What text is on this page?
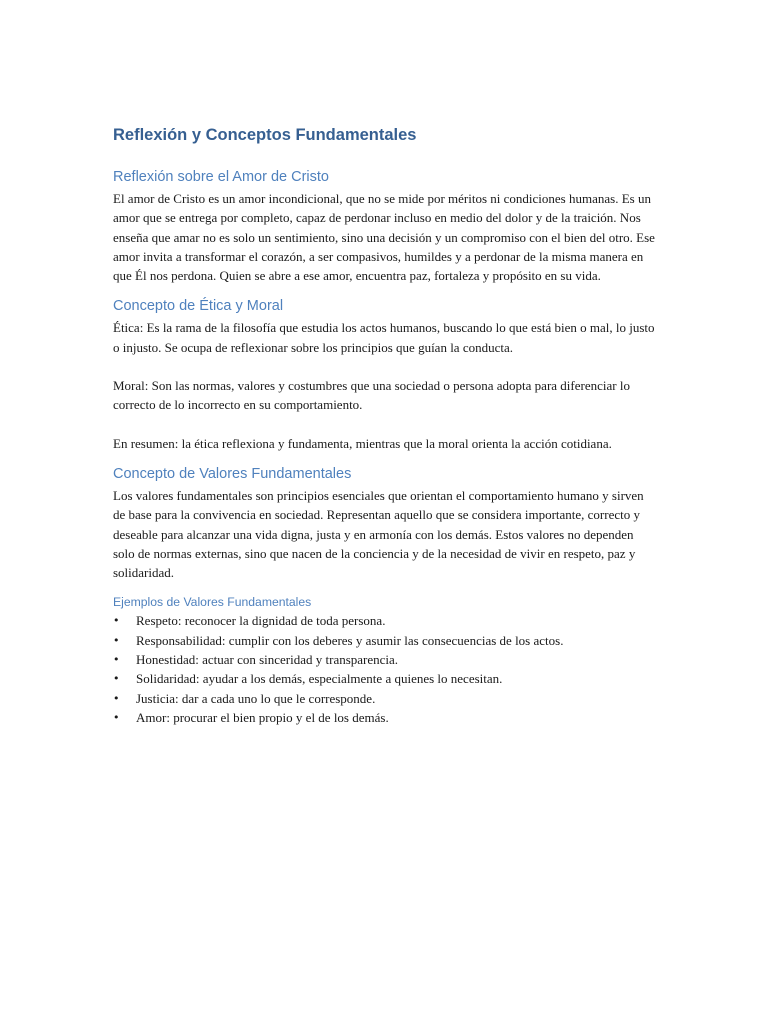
Reflexión y Conceptos Fundamentales
Reflexión sobre el Amor de Cristo

El amor de Cristo es un amor incondicional, que no se mide por méritos ni condiciones humanas. Es un amor que se entrega por completo, capaz de perdonar incluso en medio del dolor y de la traición. Nos enseña que amar no es solo un sentimiento, sino una decisión y un compromiso con el bien del otro. Ese amor invita a transformar el corazón, a ser compasivos, humildes y a perdonar de la misma manera en que Él nos perdona. Quien se abre a ese amor, encuentra paz, fortaleza y propósito en su vida.

Concepto de Ética y Moral

Ética: Es la rama de la filosofía que estudia los actos humanos, buscando lo que está bien o mal, lo justo o injusto. Se ocupa de reflexionar sobre los principios que guían la conducta.

Moral: Son las normas, valores y costumbres que una sociedad o persona adopta para diferenciar lo correcto de lo incorrecto en su comportamiento.

En resumen: la ética reflexiona y fundamenta, mientras que la moral orienta la acción cotidiana.

Concepto de Valores Fundamentales

Los valores fundamentales son principios esenciales que orientan el comportamiento humano y sirven de base para la convivencia en sociedad. Representan aquello que se considera importante, correcto y deseable para alcanzar una vida digna, justa y en armonía con los demás. Estos valores no dependen solo de normas externas, sino que nacen de la conciencia y de la necesidad de vivir en respeto, paz y solidaridad.

Ejemplos de Valores Fundamentales
• Respeto: reconocer la dignidad de toda persona.
• Responsabilidad: cumplir con los deberes y asumir las consecuencias de los actos.
• Honestidad: actuar con sinceridad y transparencia.
• Solidaridad: ayudar a los demás, especialmente a quienes lo necesitan.
• Justicia: dar a cada uno lo que le corresponde.
• Amor: procurar el bien propio y el de los demás.
